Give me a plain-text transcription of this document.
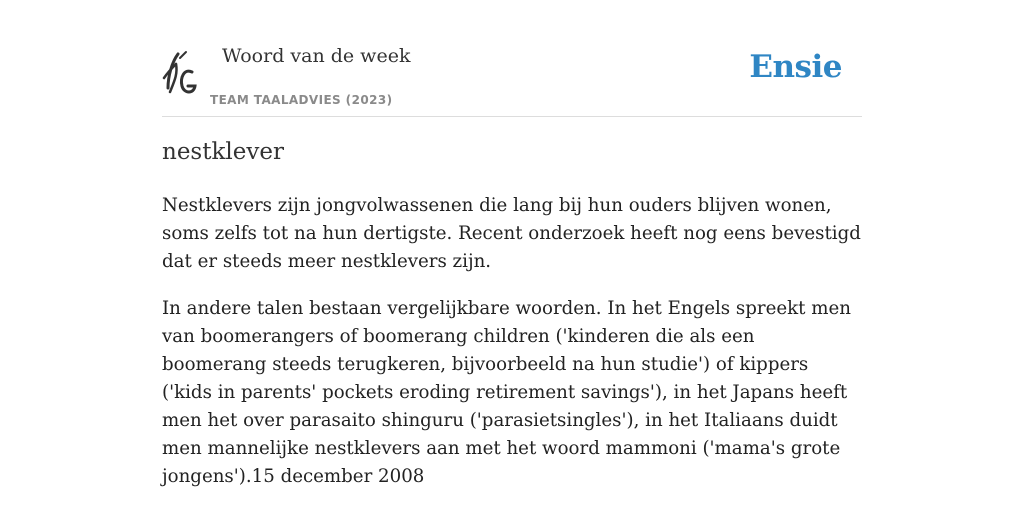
Woord van de week
TEAM TAALADVIES (2023)
Ensie
nestklever

Nestklevers zijn jongvolwassenen die lang bij hun ouders blijven wonen, soms zelfs tot na hun dertigste. Recent onderzoek heeft nog eens bevestigd dat er steeds meer nestklevers zijn.

In andere talen bestaan vergelijkbare woorden. In het Engels spreekt men van boomerangers of boomerang children ('kinderen die als een boomerang steeds terugkeren, bijvoorbeeld na hun studie') of kippers ('kids in parents' pockets eroding retirement savings'), in het Japans heeft men het over parasaito shinguru ('parasietsingles'), in het Italiaans duidt men mannelijke nestklevers aan met het woord mammoni ('mama's grote jongens').15 december 2008
